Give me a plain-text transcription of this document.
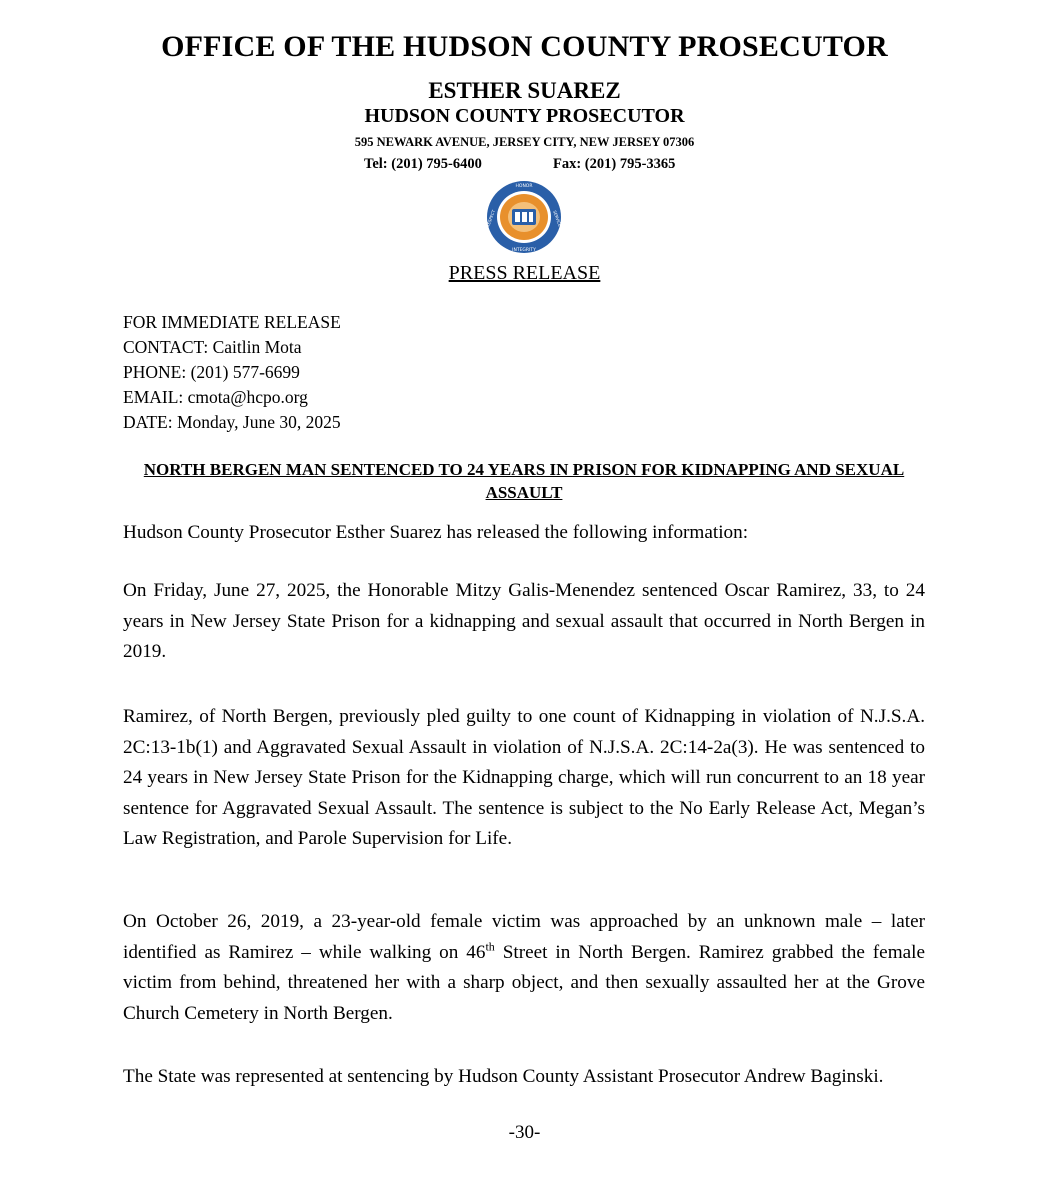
OFFICE OF THE HUDSON COUNTY PROSECUTOR
ESTHER SUAREZ
HUDSON COUNTY PROSECUTOR
595 NEWARK AVENUE, JERSEY CITY, NEW JERSEY 07306
Tel: (201) 795-6400	Fax: (201) 795-3365
HONOR
INTEGRITY
RESPECT	SERVICE
PRESS RELEASE
FOR IMMEDIATE RELEASE
CONTACT: Caitlin Mota
PHONE: (201) 577-6699
EMAIL: cmota@hcpo.org
DATE: Monday, June 30, 2025
NORTH BERGEN MAN SENTENCED TO 24 YEARS IN PRISON FOR KIDNAPPING AND SEXUAL ASSAULT
Hudson County Prosecutor Esther Suarez has released the following information:
On Friday, June 27, 2025, the Honorable Mitzy Galis-Menendez sentenced Oscar Ramirez, 33, to 24 years in New Jersey State Prison for a kidnapping and sexual assault that occurred in North Bergen in 2019.
Ramirez, of North Bergen, previously pled guilty to one count of Kidnapping in violation of N.J.S.A. 2C:13-1b(1) and Aggravated Sexual Assault in violation of N.J.S.A. 2C:14-2a(3). He was sentenced to 24 years in New Jersey State Prison for the Kidnapping charge, which will run concurrent to an 18 year sentence for Aggravated Sexual Assault. The sentence is subject to the No Early Release Act, Megan’s Law Registration, and Parole Supervision for Life.
On October 26, 2019, a 23-year-old female victim was approached by an unknown male – later identified as Ramirez – while walking on 46th Street in North Bergen. Ramirez grabbed the female victim from behind, threatened her with a sharp object, and then sexually assaulted her at the Grove Church Cemetery in North Bergen.
The State was represented at sentencing by Hudson County Assistant Prosecutor Andrew Baginski.
-30-
